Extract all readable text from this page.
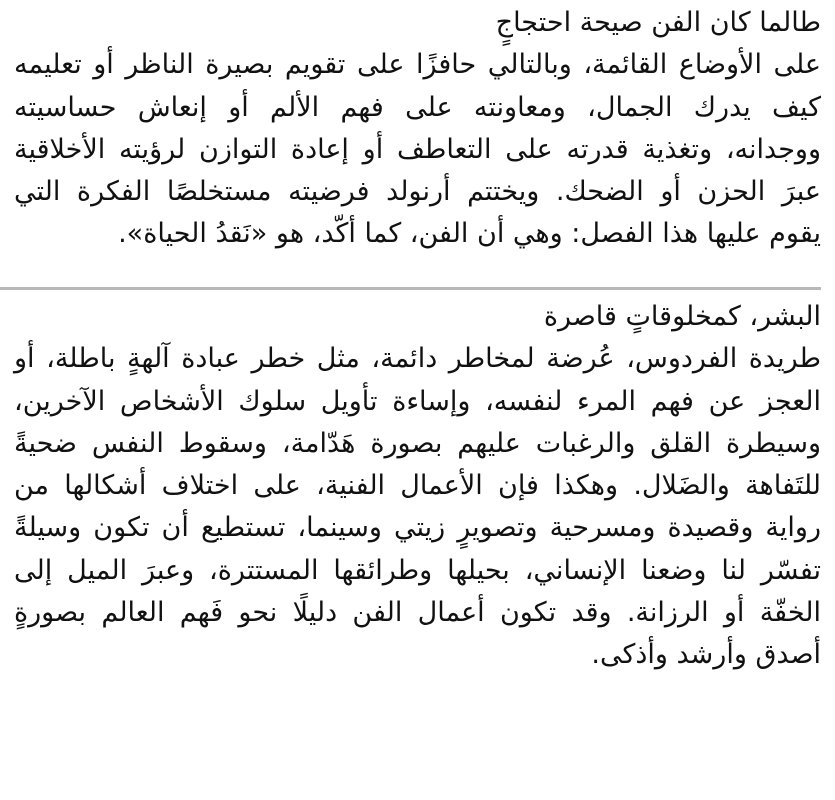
طالما كان الفن صيحة احتجاجٍ
على الأوضاع القائمة، وبالتالي حافزًا على تقويم بصيرة الناظر أو تعليمه
كيف يدرك الجمال، ومعاونته على فهم الألم أو إنعاش حساسيته
ووجدانه، وتغذية قدرته على التعاطف أو إعادة التوازن لرؤيته الأخلاقية
عبرَ الحزن أو الضحك. ويختتم أرنولد فرضيته مستخلصًا الفكرة التي
يقوم عليها هذا الفصل: وهي أن الفن، كما أكّد، هو «نَقدُ الحياة».
البشر، كمخلوقاتٍ قاصرة
طريدة الفردوس، عُرضة لمخاطر دائمة، مثل خطر عبادة آلهةٍ باطلة، أو
العجز عن فهم المرء لنفسه، وإساءة تأويل سلوك الأشخاص الآخرين،
وسيطرة القلق والرغبات عليهم بصورة هَدّامة، وسقوط النفس ضحيةً
للتَفاهة والضَلال. وهكذا فإن الأعمال الفنية، على اختلاف أشكالها من
رواية وقصيدة ومسرحية وتصويرٍ زيتي وسينما، تستطيع أن تكون وسيلةً
تفسّر لنا وضعنا الإنساني، بحيلها وطرائقها المستترة، وعبرَ الميل إلى
الخفّة أو الرزانة. وقد تكون أعمال الفن دليلًا نحو فَهم العالم بصورةٍ
أصدق وأرشد وأذكى.
